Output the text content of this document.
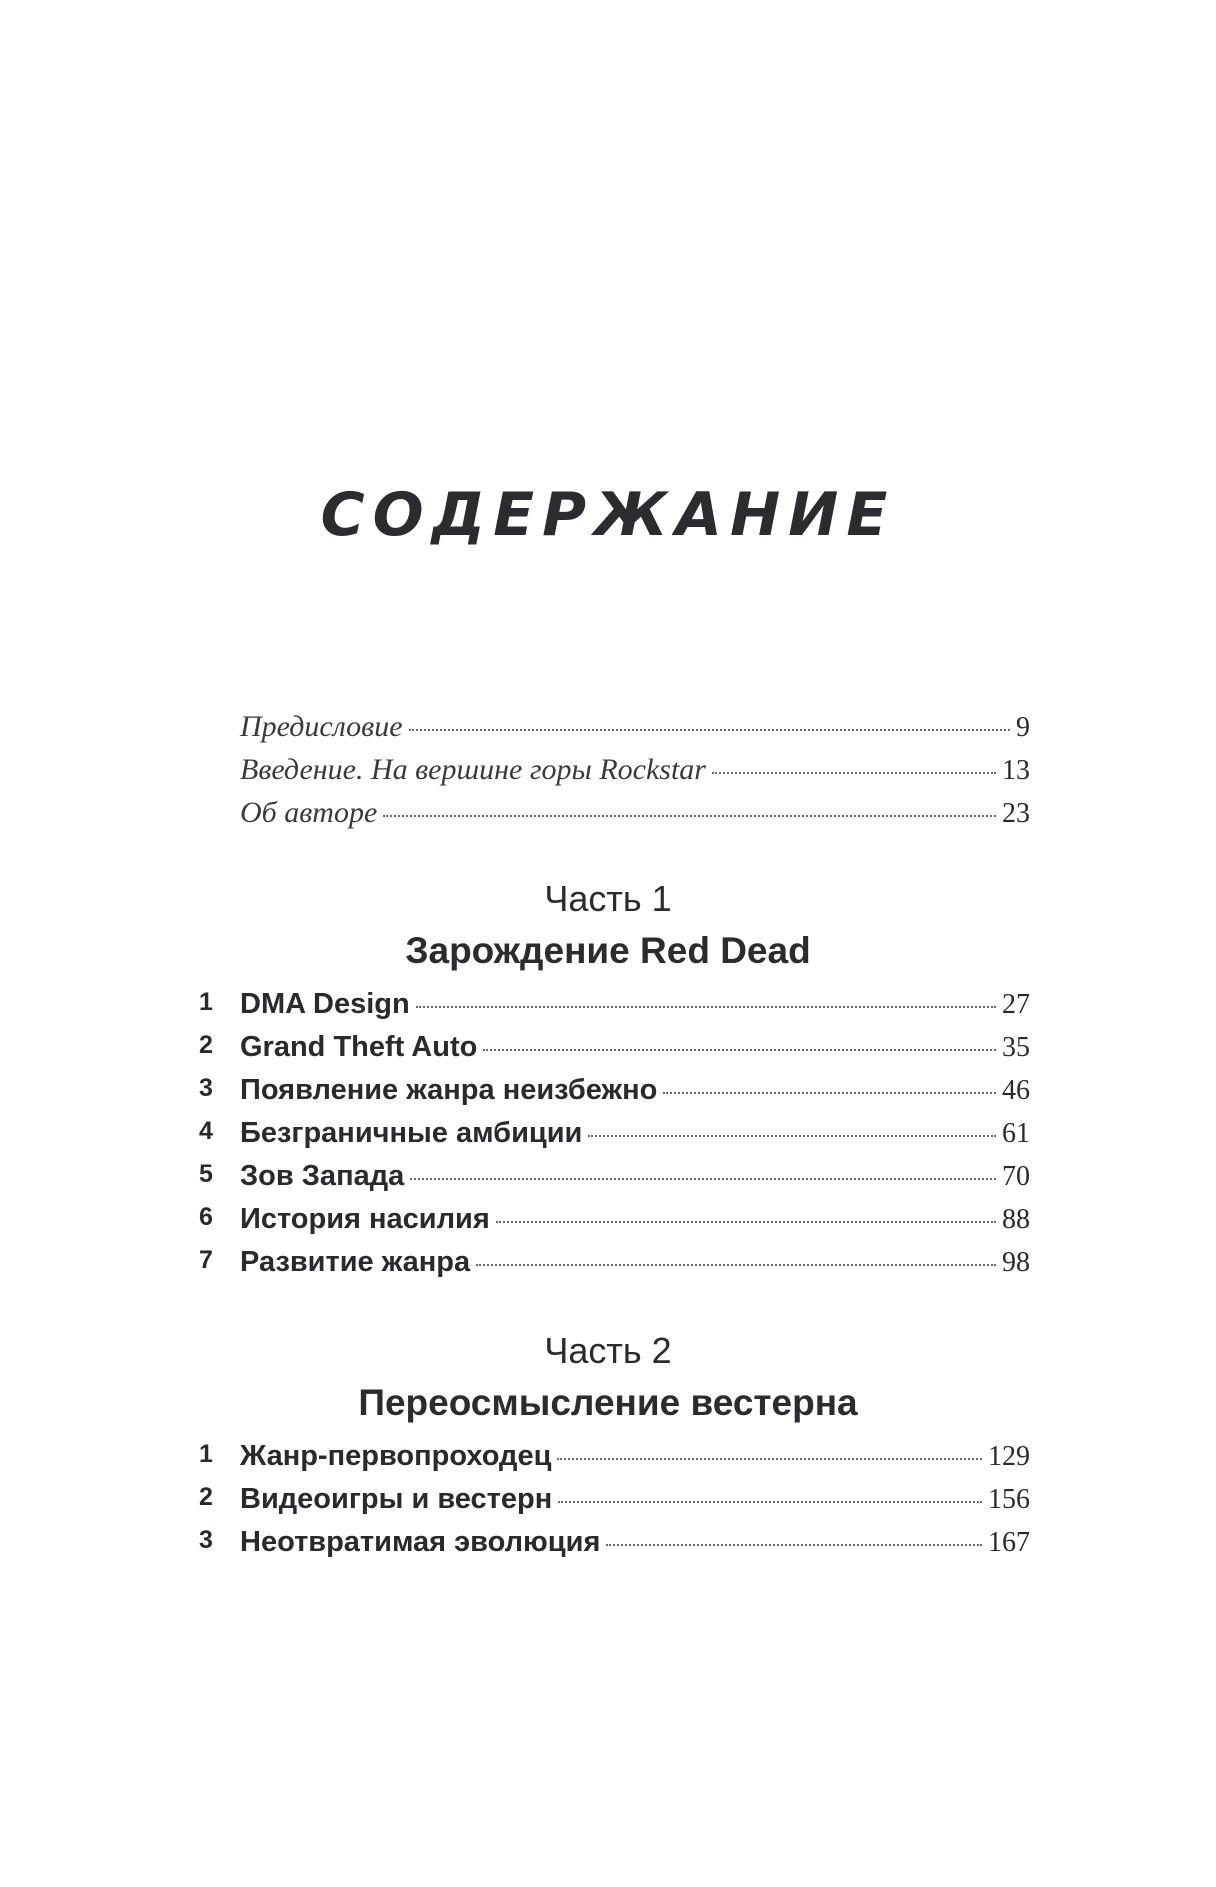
СОДЕРЖАНИЕ
Предисловие	9
Введение. На вершине горы Rockstar	13
Об авторе	23
Часть 1
Зарождение Red Dead
1 DMA Design	27
2 Grand Theft Auto	35
3 Появление жанра неизбежно	46
4 Безграничные амбиции	61
5 Зов Запада	70
6 История насилия	88
7 Развитие жанра	98
Часть 2
Переосмысление вестерна
1 Жанр-первопроходец	129
2 Видеоигры и вестерн	156
3 Неотвратимая эволюция	167
